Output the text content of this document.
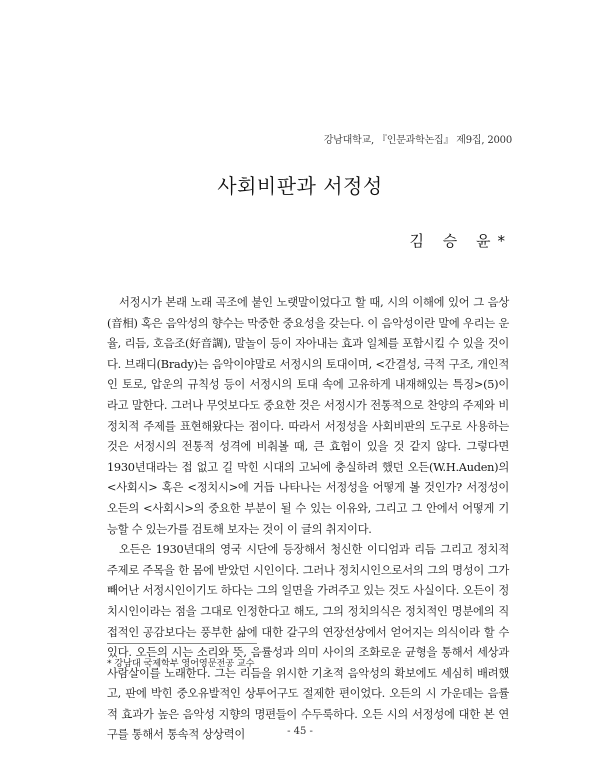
강남대학교, 『인문과학논집』 제9집, 2000
사회비판과 서정성
김 승 윤*

서정시가 본래 노래 곡조에 붙인 노랫말이었다고 할 때, 시의 이해에 있어 그 음상(音相) 혹은 음악성의 향수는 막중한 중요성을 갖는다. 이 음악성이란 말에 우리는 운율, 리듬, 호음조(好音調), 말놀이 등이 자아내는 효과 일체를 포함시킬 수 있을 것이다. 브래디(Brady)는 음악이야말로 서정시의 토대이며, <간결성, 극적 구조, 개인적인 토로, 압운의 규칙성 등이 서정시의 토대 속에 고유하게 내재해있는 특징>(5)이라고 말한다. 그러나 무엇보다도 중요한 것은 서정시가 전통적으로 찬양의 주제와 비정치적 주제를 표현해왔다는 점이다. 따라서 서정성을 사회비판의 도구로 사용하는 것은 서정시의 전통적 성격에 비춰볼 때, 큰 효험이 있을 것 같지 않다. 그렇다면 1930년대라는 접 없고 길 막힌 시대의 고뇌에 충실하려 했던 오든(W.H.Auden)의 <사회시> 혹은 <정치시>에 거듭 나타나는 서정성을 어떻게 볼 것인가? 서정성이 오든의 <사회시>의 중요한 부분이 될 수 있는 이유와, 그리고 그 안에서 어떻게 기능할 수 있는가를 검토해 보자는 것이 이 글의 취지이다.

오든은 1930년대의 영국 시단에 등장해서 청신한 이디엄과 리듬 그리고 정치적 주제로 주목을 한 몸에 받았던 시인이다. 그러나 정치시인으로서의 그의 명성이 그가 빼어난 서정시인이기도 하다는 그의 일면을 가려주고 있는 것도 사실이다. 오든이 정치시인이라는 점을 그대로 인정한다고 해도, 그의 정치의식은 정치적인 명분에의 직접적인 공감보다는 풍부한 삶에 대한 갈구의 연장선상에서 얻어지는 의식이라 할 수 있다. 오든의 시는 소리와 뜻, 음률성과 의미 사이의 조화로운 균형을 통해서 세상과 사람살이를 노래한다. 그는 리듬을 위시한 기초적 음악성의 확보에도 세심히 배려했고, 판에 박힌 중오유발적인 상투어구도 절제한 편이었다. 오든의 시 가운데는 음률적 효과가 높은 음악성 지향의 명편들이 수두룩하다. 오든 시의 서정성에 대한 본 연구를 통해서 통속적 상상력이

* 강남대 국제학부 영어영문전공 교수
- 45 -
